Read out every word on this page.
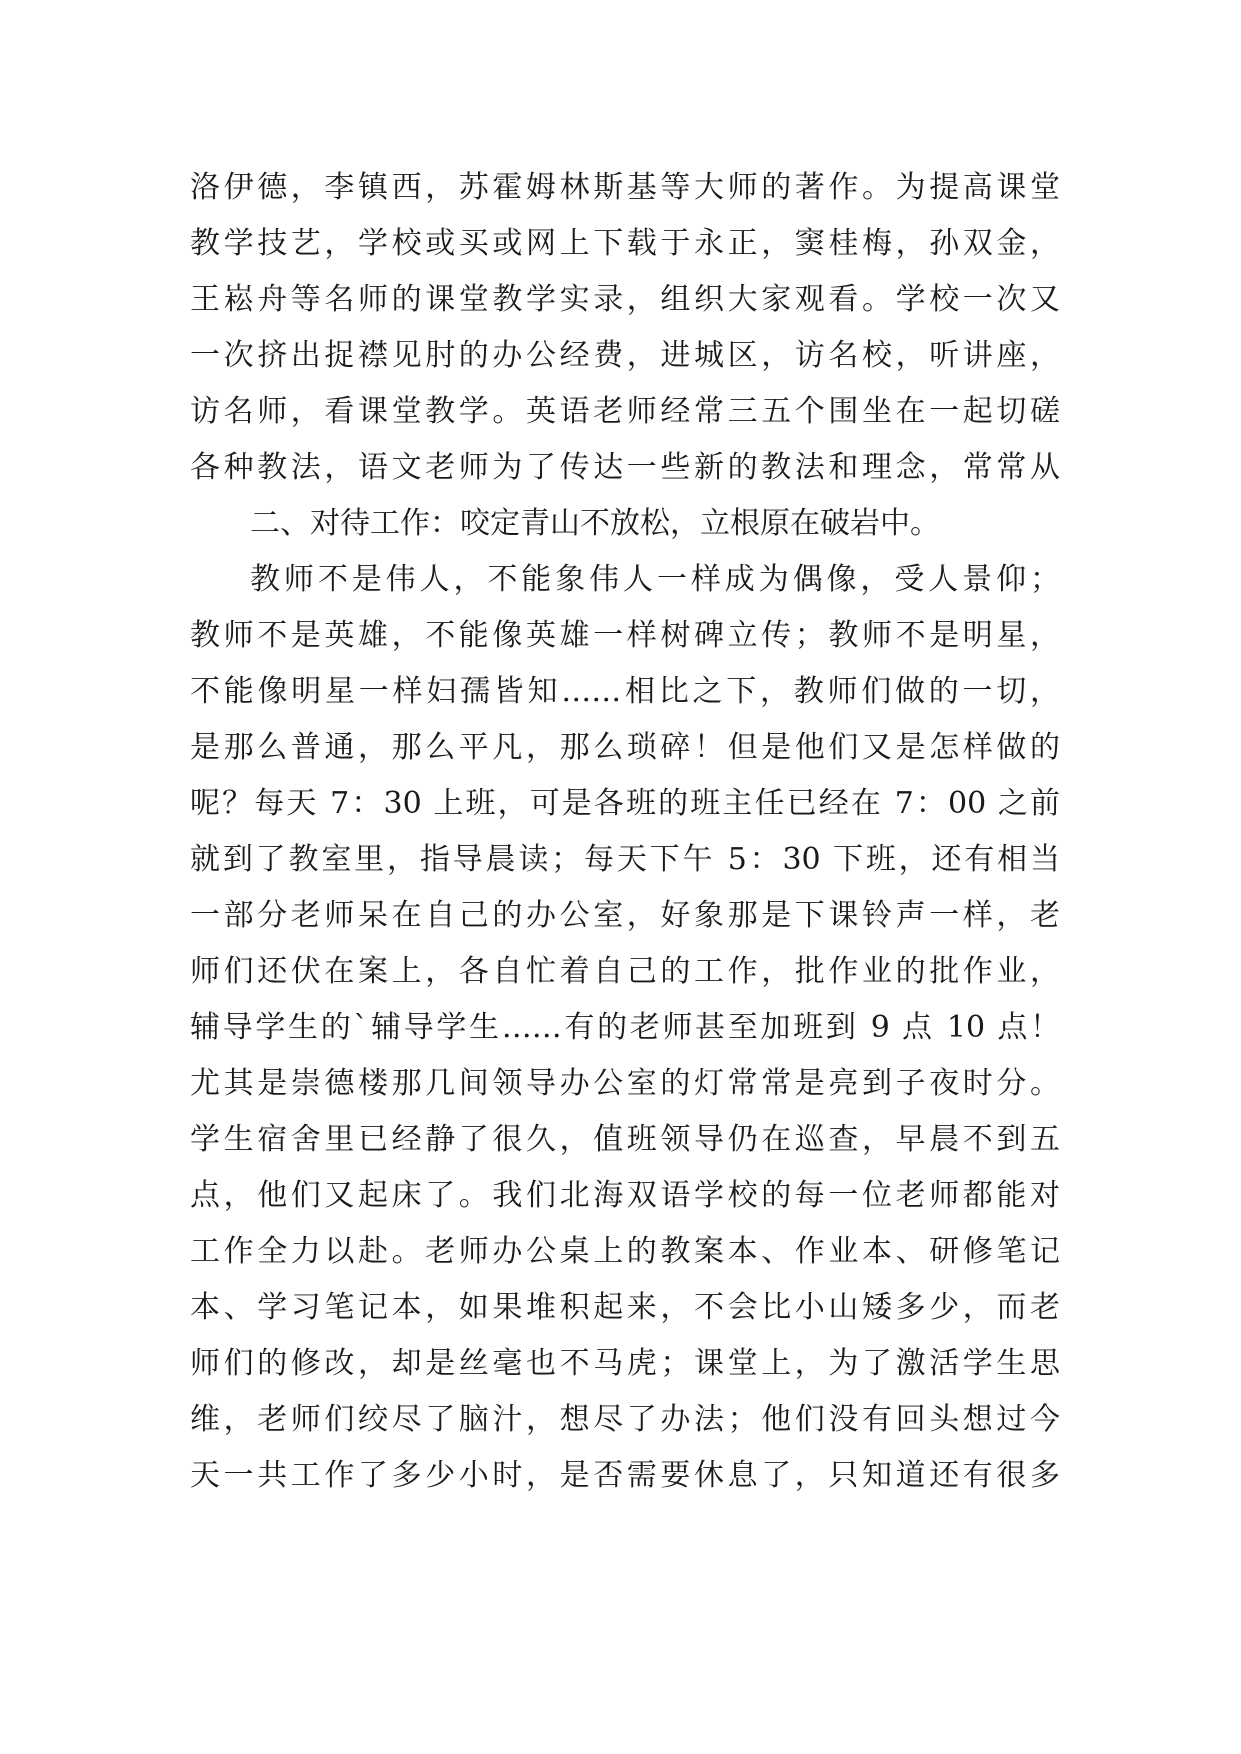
洛伊德，李镇西，苏霍姆林斯基等大师的著作。为提高课堂
教学技艺，学校或买或网上下载于永正，窦桂梅，孙双金，
王崧舟等名师的课堂教学实录，组织大家观看。学校一次又
一次挤出捉襟见肘的办公经费，进城区，访名校，听讲座，
访名师，看课堂教学。英语老师经常三五个围坐在一起切磋
各种教法，语文老师为了传达一些新的教法和理念，常常从
二、对待工作：咬定青山不放松，立根原在破岩中。
教师不是伟人，不能象伟人一样成为偶像，受人景仰；
教师不是英雄，不能像英雄一样树碑立传；教师不是明星，
不能像明星一样妇孺皆知……相比之下，教师们做的一切，
是那么普通，那么平凡，那么琐碎！但是他们又是怎样做的
呢？每天 7：30 上班，可是各班的班主任已经在 7：00 之前
就到了教室里，指导晨读；每天下午 5：30 下班，还有相当
一部分老师呆在自己的办公室，好象那是下课铃声一样，老
师们还伏在案上，各自忙着自己的工作，批作业的批作业，
辅导学生的`辅导学生……有的老师甚至加班到 9 点 10 点！
尤其是崇德楼那几间领导办公室的灯常常是亮到子夜时分。
学生宿舍里已经静了很久，值班领导仍在巡查，早晨不到五
点，他们又起床了。我们北海双语学校的每一位老师都能对
工作全力以赴。老师办公桌上的教案本、作业本、研修笔记
本、学习笔记本，如果堆积起来，不会比小山矮多少，而老
师们的修改，却是丝毫也不马虎；课堂上，为了激活学生思
维，老师们绞尽了脑汁，想尽了办法；他们没有回头想过今
天一共工作了多少小时，是否需要休息了，只知道还有很多
